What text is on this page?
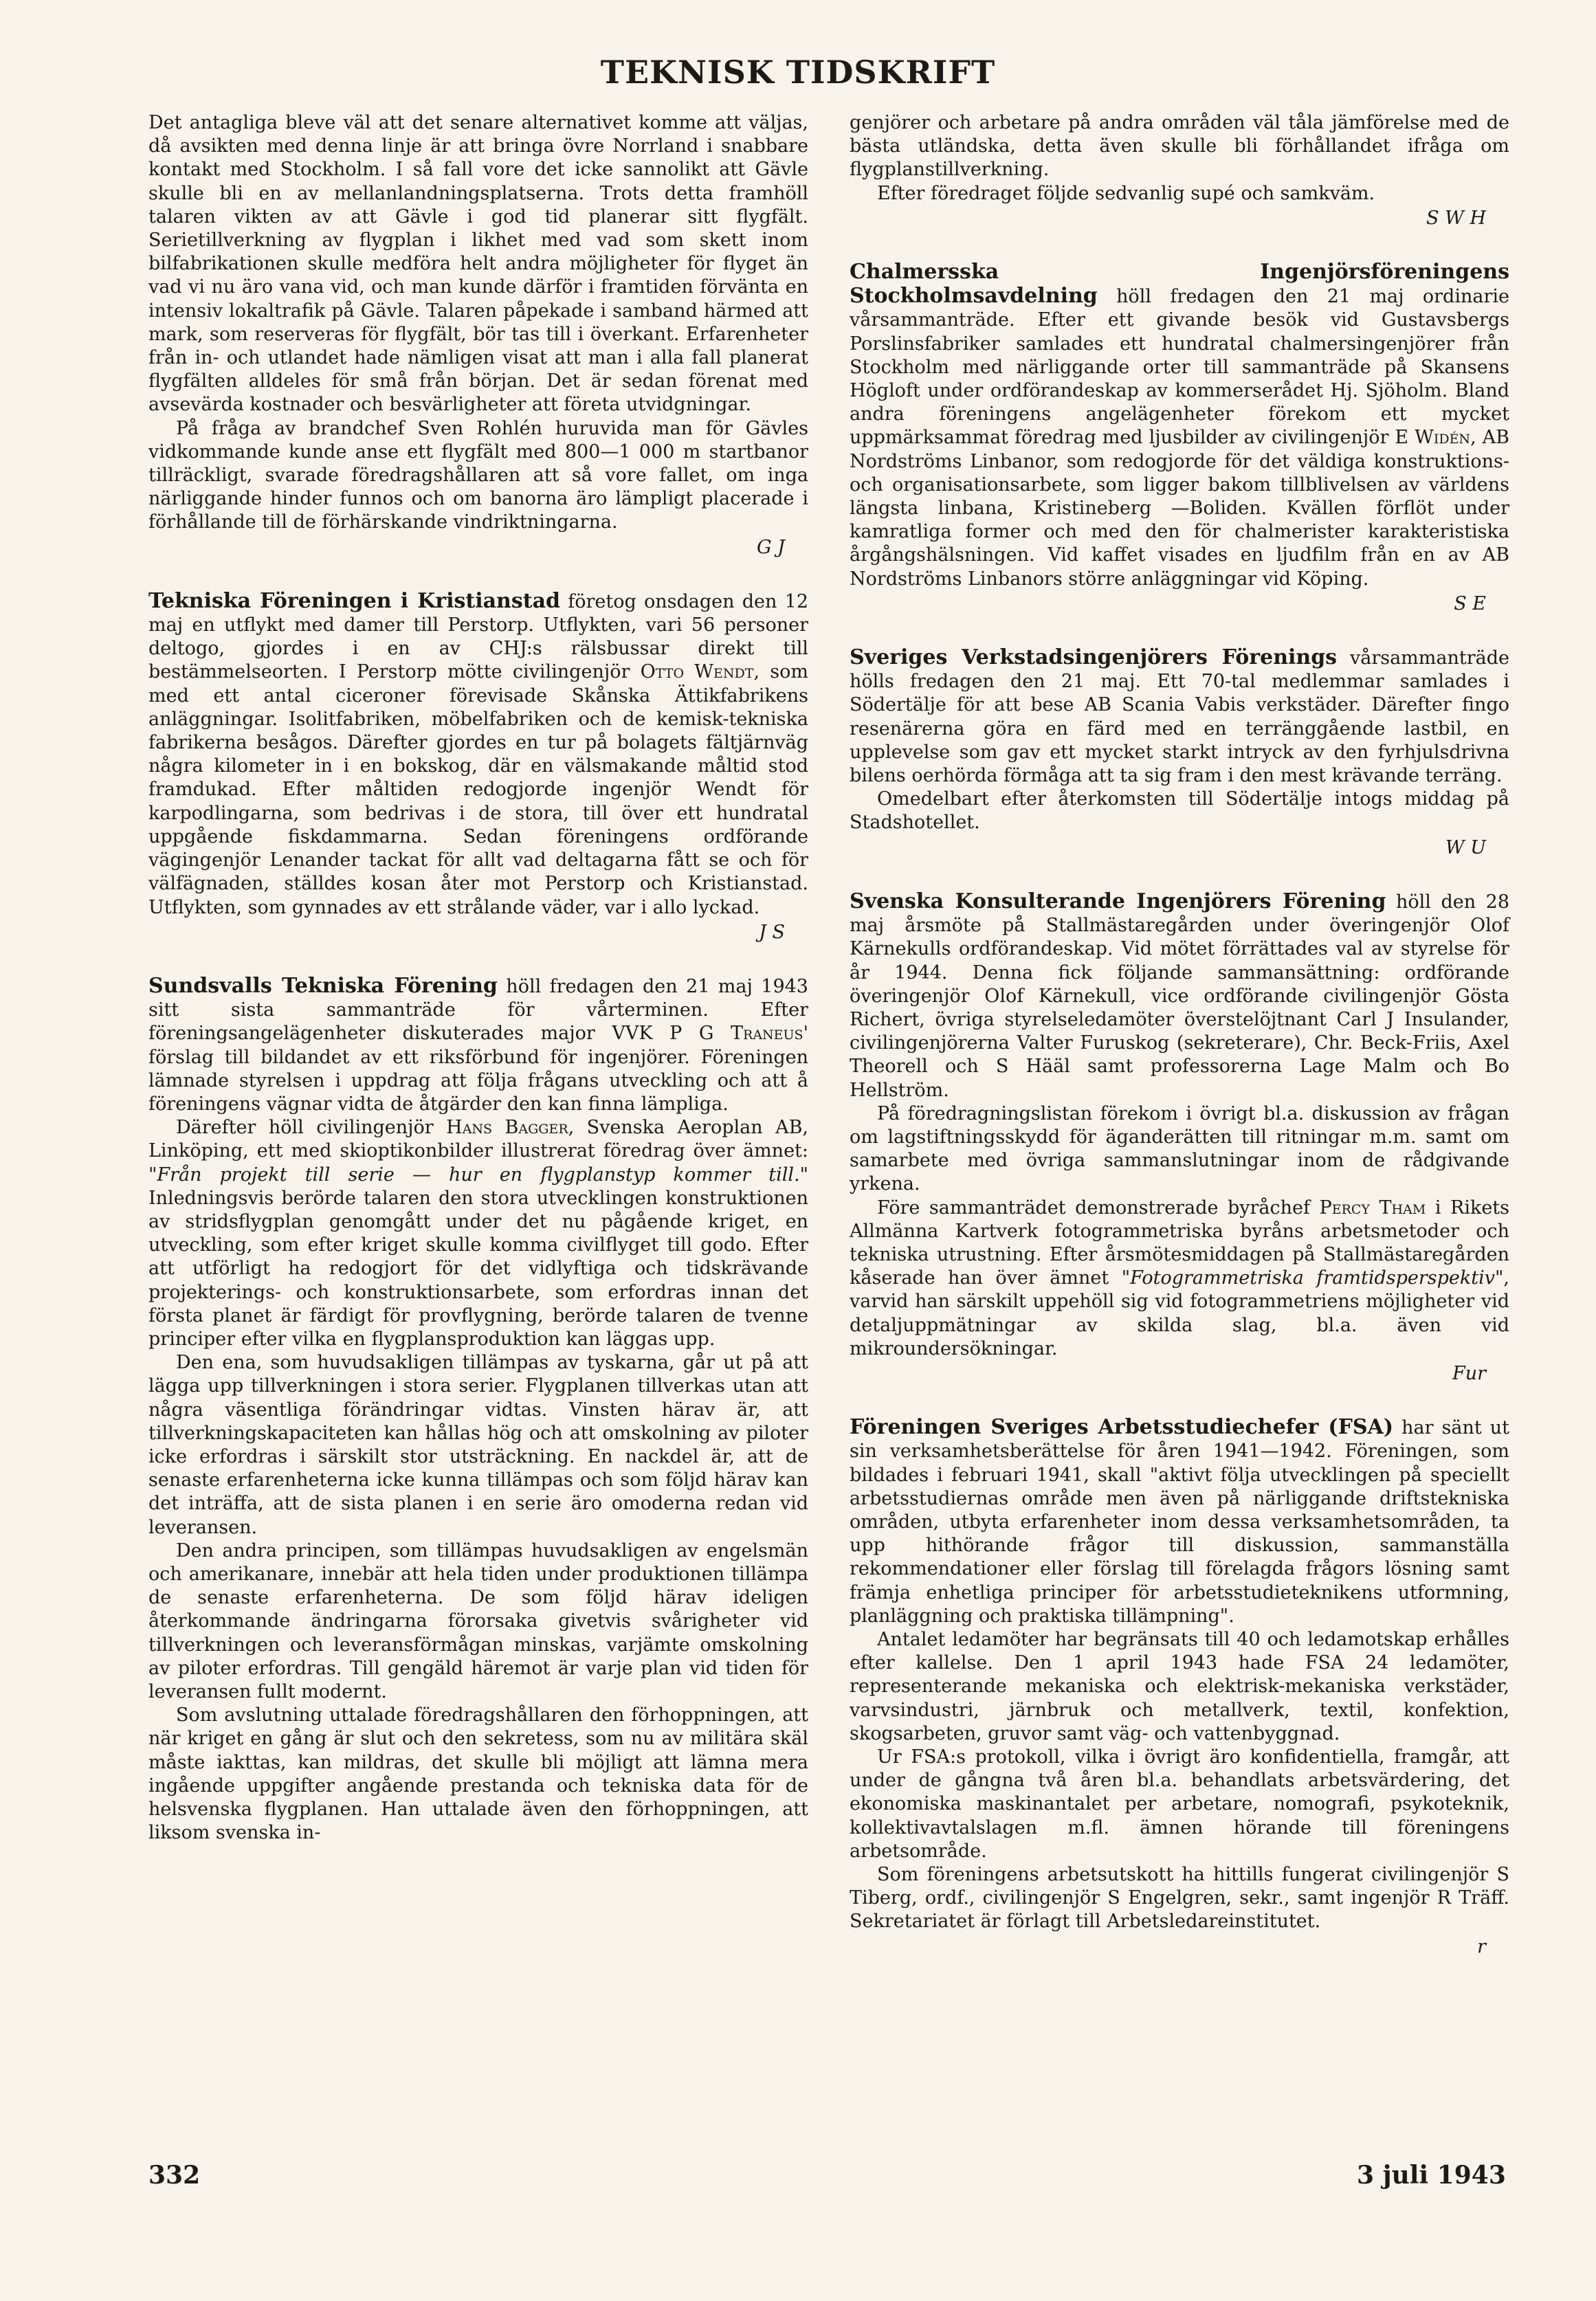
TEKNISK TIDSKRIFT

Det antagliga bleve väl att det senare alternativet komme att väljas, då avsikten med denna linje är att bringa övre Norrland i snabbare kontakt med Stockholm. I så fall vore det icke sannolikt att Gävle skulle bli en av mellanlandningsplatserna. Trots detta framhöll talaren vikten av att Gävle i god tid planerar sitt flygfält. Serietillverkning av flygplan i likhet med vad som skett inom bilfabrikationen skulle medföra helt andra möjligheter för flyget än vad vi nu äro vana vid, och man kunde därför i framtiden förvänta en intensiv lokaltrafik på Gävle. Talaren påpekade i samband härmed att mark, som reserveras för flygfält, bör tas till i överkant. Erfarenheter från in- och utlandet hade nämligen visat att man i alla fall planerat flygfälten alldeles för små från början. Det är sedan förenat med avsevärda kostnader och besvärligheter att företa utvidgningar.

På fråga av brandchef Sven Rohlén huruvida man för Gävles vidkommande kunde anse ett flygfält med 800—1 000 m startbanor tillräckligt, svarade föredragshållaren att så vore fallet, om inga närliggande hinder funnos och om banorna äro lämpligt placerade i förhållande till de förhärskande vindriktningarna.

G J

Tekniska Föreningen i Kristianstad företog onsdagen den 12 maj en utflykt med damer till Perstorp. Utflykten, vari 56 personer deltogo, gjordes i en av CHJ:s rälsbussar direkt till bestämmelseorten. I Perstorp mötte civilingenjör Otto Wendt, som med ett antal ciceroner förevisade Skånska Ättikfabrikens anläggningar. Isolitfabriken, möbelfabriken och de kemisk-tekniska fabrikerna besågos. Därefter gjordes en tur på bolagets fältjärnväg några kilometer in i en bokskog, där en välsmakande måltid stod framdukad. Efter måltiden redogjorde ingenjör Wendt för karpodlingarna, som bedrivas i de stora, till över ett hundratal uppgående fiskdammarna. Sedan föreningens ordförande vägingenjör Lenander tackat för allt vad deltagarna fått se och för välfägnaden, ställdes kosan åter mot Perstorp och Kristianstad. Utflykten, som gynnades av ett strålande väder, var i allo lyckad.

J S

Sundsvalls Tekniska Förening höll fredagen den 21 maj 1943 sitt sista sammanträde för vårterminen. Efter föreningsangelägenheter diskuterades major VVK P G Traneus' förslag till bildandet av ett riksförbund för ingenjörer. Föreningen lämnade styrelsen i uppdrag att följa frågans utveckling och att å föreningens vägnar vidta de åtgärder den kan finna lämpliga.

Därefter höll civilingenjör Hans Bagger, Svenska Aeroplan AB, Linköping, ett med skioptikonbilder illustrerat föredrag över ämnet: "Från projekt till serie — hur en flygplanstyp kommer till." Inledningsvis berörde talaren den stora utvecklingen konstruktionen av stridsflygplan genomgått under det nu pågående kriget, en utveckling, som efter kriget skulle komma civilflyget till godo. Efter att utförligt ha redogjort för det vidlyftiga och tidskrävande projekterings- och konstruktionsarbete, som erfordras innan det första planet är färdigt för provflygning, berörde talaren de tvenne principer efter vilka en flygplansproduktion kan läggas upp.

Den ena, som huvudsakligen tillämpas av tyskarna, går ut på att lägga upp tillverkningen i stora serier. Flygplanen tillverkas utan att några väsentliga förändringar vidtas. Vinsten härav är, att tillverkningskapaciteten kan hållas hög och att omskolning av piloter icke erfordras i särskilt stor utsträckning. En nackdel är, att de senaste erfarenheterna icke kunna tillämpas och som följd härav kan det inträffa, att de sista planen i en serie äro omoderna redan vid leveransen.

Den andra principen, som tillämpas huvudsakligen av engelsmän och amerikanare, innebär att hela tiden under produktionen tillämpa de senaste erfarenheterna. De som följd härav ideligen återkommande ändringarna förorsaka givetvis svårigheter vid tillverkningen och leveransförmågan minskas, varjämte omskolning av piloter erfordras. Till gengäld häremot är varje plan vid tiden för leveransen fullt modernt.

Som avslutning uttalade föredragshållaren den förhoppningen, att när kriget en gång är slut och den sekretess, som nu av militära skäl måste iakttas, kan mildras, det skulle bli möjligt att lämna mera ingående uppgifter angående prestanda och tekniska data för de helsvenska flygplanen. Han uttalade även den förhoppningen, att liksom svenska in-

genjörer och arbetare på andra områden väl tåla jämförelse med de bästa utländska, detta även skulle bli förhållandet ifråga om flygplanstillverkning.

Efter föredraget följde sedvanlig supé och samkväm.

S W H

Chalmersska Ingenjörsföreningens Stockholmsavdelning höll fredagen den 21 maj ordinarie vårsammanträde. Efter ett givande besök vid Gustavsbergs Porslinsfabriker samlades ett hundratal chalmersingenjörer från Stockholm med närliggande orter till sammanträde på Skansens Högloft under ordförandeskap av kommerserådet Hj. Sjöholm. Bland andra föreningens angelägenheter förekom ett mycket uppmärksammat föredrag med ljusbilder av civilingenjör E Widén, AB Nordströms Linbanor, som redogjorde för det väldiga konstruktions- och organisationsarbete, som ligger bakom tillblivelsen av världens längsta linbana, Kristineberg —Boliden. Kvällen förflöt under kamratliga former och med den för chalmerister karakteristiska årgångshälsningen. Vid kaffet visades en ljudfilm från en av AB Nordströms Linbanors större anläggningar vid Köping.

S E

Sveriges Verkstadsingenjörers Förenings vårsammanträde hölls fredagen den 21 maj. Ett 70-tal medlemmar samlades i Södertälje för att bese AB Scania Vabis verkstäder. Därefter fingo resenärerna göra en färd med en terränggående lastbil, en upplevelse som gav ett mycket starkt intryck av den fyrhjulsdrivna bilens oerhörda förmåga att ta sig fram i den mest krävande terräng.

Omedelbart efter återkomsten till Södertälje intogs middag på Stadshotellet.

W U

Svenska Konsulterande Ingenjörers Förening höll den 28 maj årsmöte på Stallmästaregården under överingenjör Olof Kärnekulls ordförandeskap. Vid mötet förrättades val av styrelse för år 1944. Denna fick följande sammansättning: ordförande överingenjör Olof Kärnekull, vice ordförande civilingenjör Gösta Richert, övriga styrelseledamöter överstelöjtnant Carl J Insulander, civilingenjörerna Valter Furuskog (sekreterare), Chr. Beck-Friis, Axel Theorell och S Hääl samt professorerna Lage Malm och Bo Hellström.

På föredragningslistan förekom i övrigt bl.a. diskussion av frågan om lagstiftningsskydd för äganderätten till ritningar m.m. samt om samarbete med övriga sammanslutningar inom de rådgivande yrkena.

Före sammanträdet demonstrerade byråchef Percy Tham i Rikets Allmänna Kartverk fotogrammetriska byråns arbetsmetoder och tekniska utrustning. Efter årsmötesmiddagen på Stallmästaregården kåserade han över ämnet "Fotogrammetriska framtidsperspektiv", varvid han särskilt uppehöll sig vid fotogrammetriens möjligheter vid detaljuppmätningar av skilda slag, bl.a. även vid mikroundersökningar.

Fur

Föreningen Sveriges Arbetsstudiechefer (FSA) har sänt ut sin verksamhetsberättelse för åren 1941—1942. Föreningen, som bildades i februari 1941, skall "aktivt följa utvecklingen på speciellt arbetsstudiernas område men även på närliggande driftstekniska områden, utbyta erfarenheter inom dessa verksamhetsområden, ta upp hithörande frågor till diskussion, sammanställa rekommendationer eller förslag till förelagda frågors lösning samt främja enhetliga principer för arbetsstudieteknikens utformning, planläggning och praktiska tillämpning".

Antalet ledamöter har begränsats till 40 och ledamotskap erhålles efter kallelse. Den 1 april 1943 hade FSA 24 ledamöter, representerande mekaniska och elektrisk-mekaniska verkstäder, varvsindustri, järnbruk och metallverk, textil, konfektion, skogsarbeten, gruvor samt väg- och vattenbyggnad.

Ur FSA:s protokoll, vilka i övrigt äro konfidentiella, framgår, att under de gångna två åren bl.a. behandlats arbetsvärdering, det ekonomiska maskinantalet per arbetare, nomografi, psykoteknik, kollektivavtalslagen m.fl. ämnen hörande till föreningens arbetsområde.

Som föreningens arbetsutskott ha hittills fungerat civilingenjör S Tiberg, ordf., civilingenjör S Engelgren, sekr., samt ingenjör R Träff. Sekretariatet är förlagt till Arbetsledareinstitutet.

r

332	3 juli 1943
